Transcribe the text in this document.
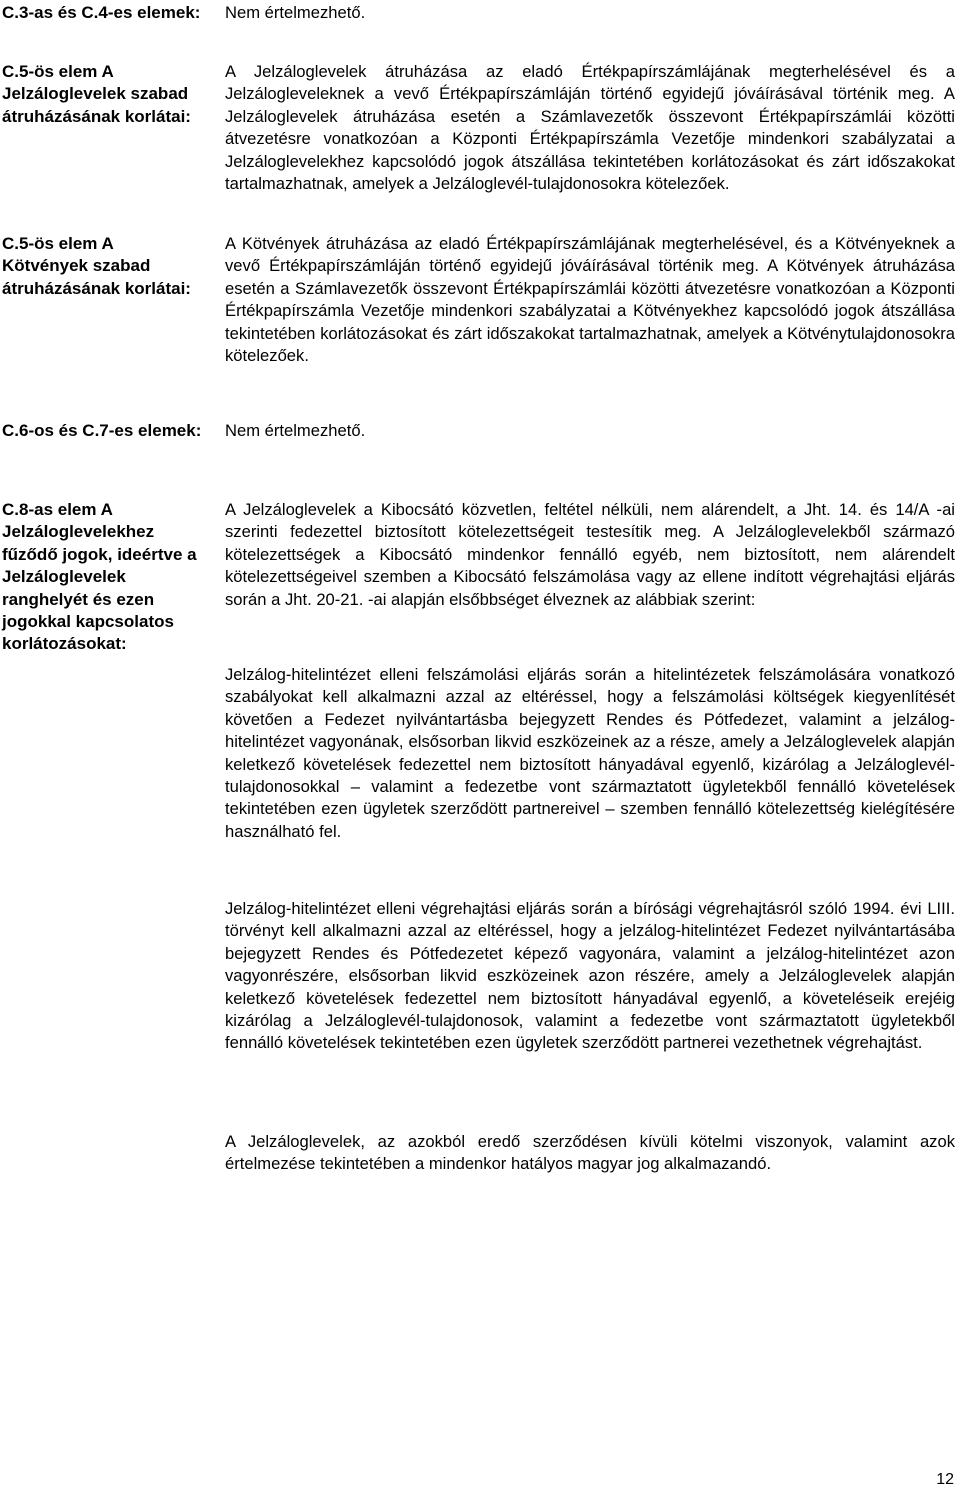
C.3-as és C.4-es elemek: Nem értelmezhető.

C.5-ös elem A Jelzáloglevelek szabad átruházásának korlátai:

A Jelzáloglevelek átruházása az eladó Értékpapírszámlájának megterhelésével és a Jelzálogleveleknek a vevő Értékpapírszámláján történő egyidejű jóváírásával történik meg. A Jelzáloglevelek átruházása esetén a Számlavezetők összevont Értékpapírszámlái közötti átvezetésre vonatkozóan a Központi Értékpapírszámla Vezetője mindenkori szabályzatai a Jelzáloglevelekhez kapcsolódó jogok átszállása tekintetében korlátozásokat és zárt időszakokat tartalmazhatnak, amelyek a Jelzáloglevél-tulajdonosokra kötelezőek.

C.5-ös elem A Kötvények szabad átruházásának korlátai:

A Kötvények átruházása az eladó Értékpapírszámlájának megterhelésével, és a Kötvényeknek a vevő Értékpapírszámláján történő egyidejű jóváírásával történik meg. A Kötvények átruházása esetén a Számlavezetők összevont Értékpapírszámlái közötti átvezetésre vonatkozóan a Központi Értékpapírszámla Vezetője mindenkori szabályzatai a Kötvényekhez kapcsolódó jogok átszállása tekintetében korlátozásokat és zárt időszakokat tartalmazhatnak, amelyek a Kötvénytulajdonosokra kötelezőek.

C.6-os és C.7-es elemek: Nem értelmezhető.

C.8-as elem A Jelzáloglevelekhez fűződő jogok, ideértve a Jelzáloglevelek ranghelyét és ezen jogokkal kapcsolatos korlátozásokat:

A Jelzáloglevelek a Kibocsátó közvetlen, feltétel nélküli, nem alárendelt, a Jht. 14. és 14/A -ai szerinti fedezettel biztosított kötelezettségeit testesítik meg. A Jelzáloglevelekből származó kötelezettségek a Kibocsátó mindenkor fennálló egyéb, nem biztosított, nem alárendelt kötelezettségeivel szemben a Kibocsátó felszámolása vagy az ellene indított végrehajtási eljárás során a Jht. 20-21. -ai alapján elsőbbséget élveznek az alábbiak szerint:

Jelzálog-hitelintézet elleni felszámolási eljárás során a hitelintézetek felszámolására vonatkozó szabályokat kell alkalmazni azzal az eltéréssel, hogy a felszámolási költségek kiegyenlítését követően a Fedezet nyilvántartásba bejegyzett Rendes és Pótfedezet, valamint a jelzálog-hitelintézet vagyonának, elsősorban likvid eszközeinek az a része, amely a Jelzáloglevelek alapján keletkező követelések fedezettel nem biztosított hányadával egyenlő, kizárólag a Jelzáloglevél-tulajdonosokkal – valamint a fedezetbe vont származtatott ügyletekből fennálló követelések tekintetében ezen ügyletek szerződött partnereivel – szemben fennálló kötelezettség kielégítésére használható fel.

Jelzálog-hitelintézet elleni végrehajtási eljárás során a bírósági végrehajtásról szóló 1994. évi LIII. törvényt kell alkalmazni azzal az eltéréssel, hogy a jelzálog-hitelintézet Fedezet nyilvántartásába bejegyzett Rendes és Pótfedezetet képező vagyonára, valamint a jelzálog-hitelintézet azon vagyonrészére, elsősorban likvid eszközeinek azon részére, amely a Jelzáloglevelek alapján keletkező követelések fedezettel nem biztosított hányadával egyenlő, a követeléseik erejéig kizárólag a Jelzáloglevél-tulajdonosok, valamint a fedezetbe vont származtatott ügyletekből fennálló követelések tekintetében ezen ügyletek szerződött partnerei vezethetnek végrehajtást.

A Jelzáloglevelek, az azokból eredő szerződésen kívüli kötelmi viszonyok, valamint azok értelmezése tekintetében a mindenkor hatályos magyar jog alkalmazandó.

12
